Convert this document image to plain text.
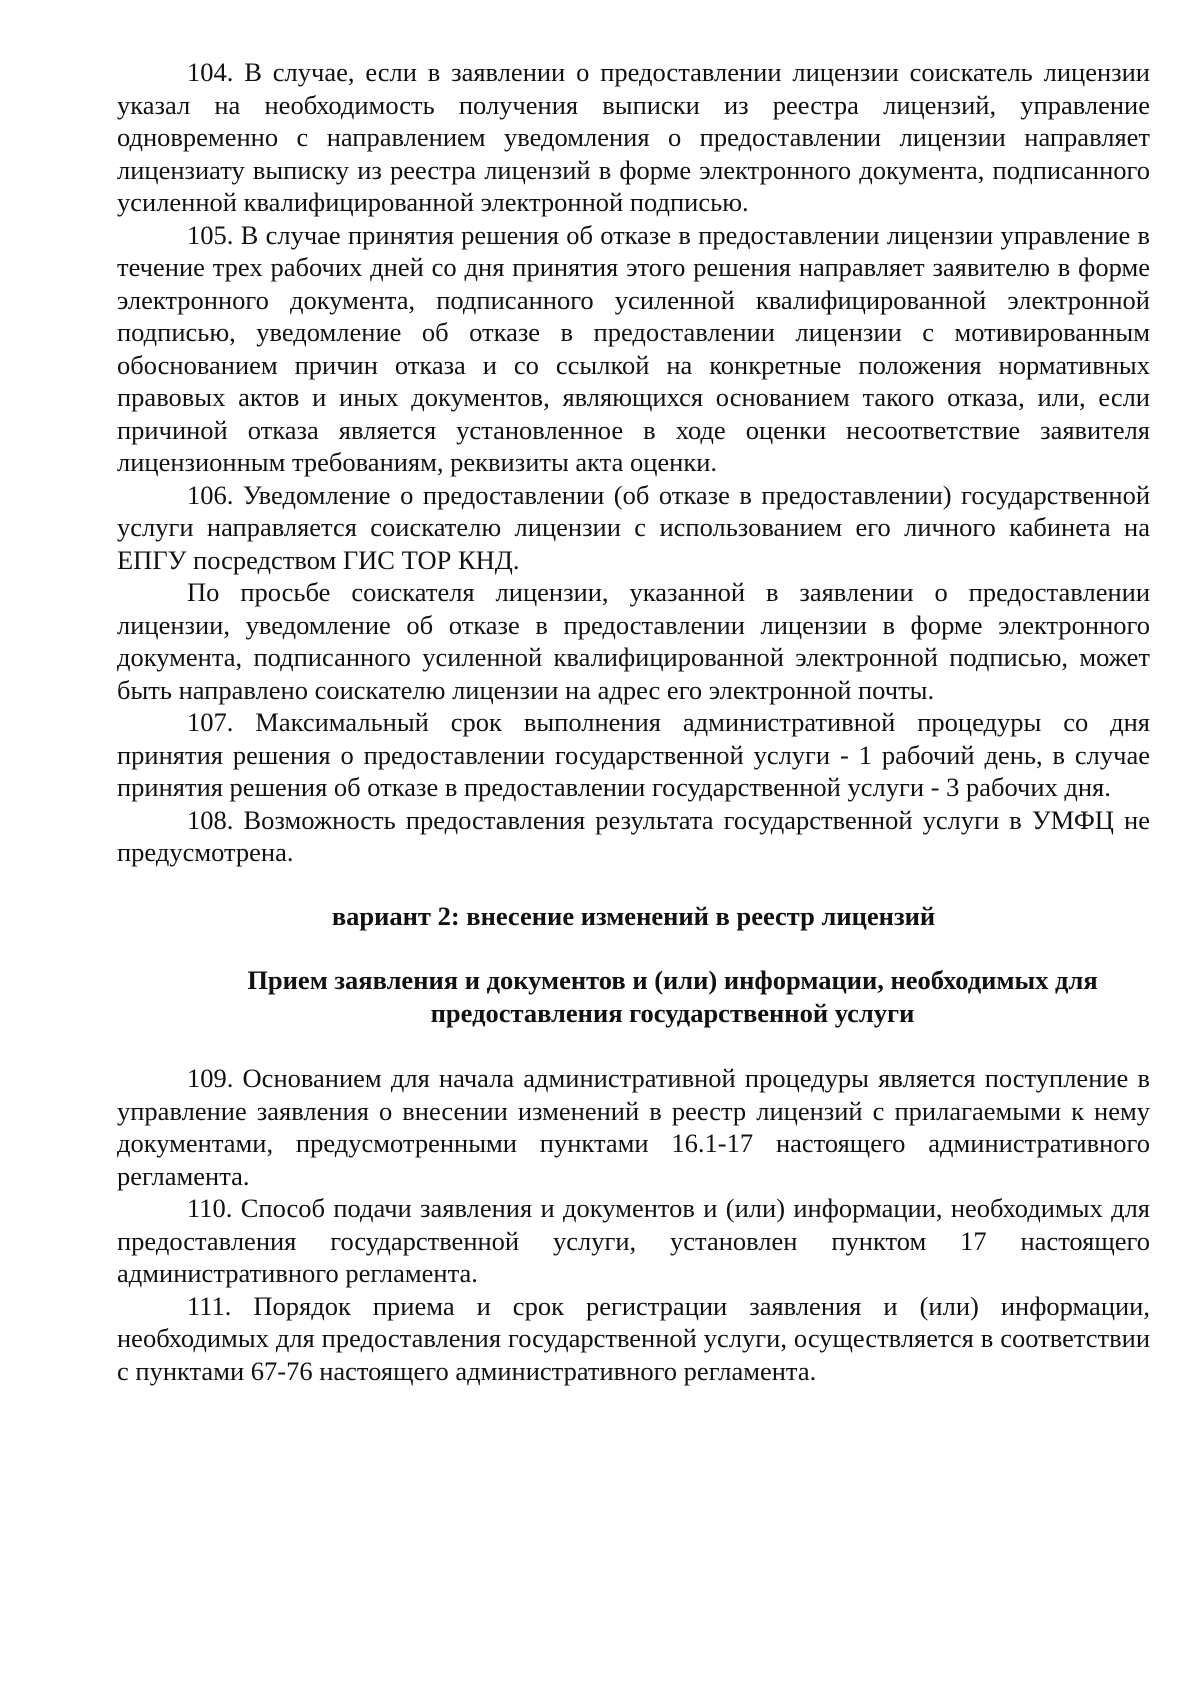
104. В случае, если в заявлении о предоставлении лицензии соискатель лицензии указал на необходимость получения выписки из реестра лицензий, управление одновременно с направлением уведомления о предоставлении лицензии направляет лицензиату выписку из реестра лицензий в форме электронного документа, подписанного усиленной квалифицированной электронной подписью.

105. В случае принятия решения об отказе в предоставлении лицензии управление в течение трех рабочих дней со дня принятия этого решения направляет заявителю в форме электронного документа, подписанного усиленной квалифицированной электронной подписью, уведомление об отказе в предоставлении лицензии с мотивированным обоснованием причин отказа и со ссылкой на конкретные положения нормативных правовых актов и иных документов, являющихся основанием такого отказа, или, если причиной отказа является установленное в ходе оценки несоответствие заявителя лицензионным требованиям, реквизиты акта оценки.

106. Уведомление о предоставлении (об отказе в предоставлении) государственной услуги направляется соискателю лицензии с использованием его личного кабинета на ЕПГУ посредством ГИС ТОР КНД.

По просьбе соискателя лицензии, указанной в заявлении о предоставлении лицензии, уведомление об отказе в предоставлении лицензии в форме электронного документа, подписанного усиленной квалифицированной электронной подписью, может быть направлено соискателю лицензии на адрес его электронной почты.

107. Максимальный срок выполнения административной процедуры со дня принятия решения о предоставлении государственной услуги - 1 рабочий день, в случае принятия решения об отказе в предоставлении государственной услуги - 3 рабочих дня.

108. Возможность предоставления результата государственной услуги в УМФЦ не предусмотрена.

вариант 2: внесение изменений в реестр лицензий

Прием заявления и документов и (или) информации, необходимых для предоставления государственной услуги

109. Основанием для начала административной процедуры является поступление в управление заявления о внесении изменений в реестр лицензий с прилагаемыми к нему документами, предусмотренными пунктами 16.1-17 настоящего административного регламента.

110. Способ подачи заявления и документов и (или) информации, необходимых для предоставления государственной услуги, установлен пунктом 17 настоящего административного регламента.

111. Порядок приема и срок регистрации заявления и (или) информации, необходимых для предоставления государственной услуги, осуществляется в соответствии с пунктами 67-76 настоящего административного регламента.
